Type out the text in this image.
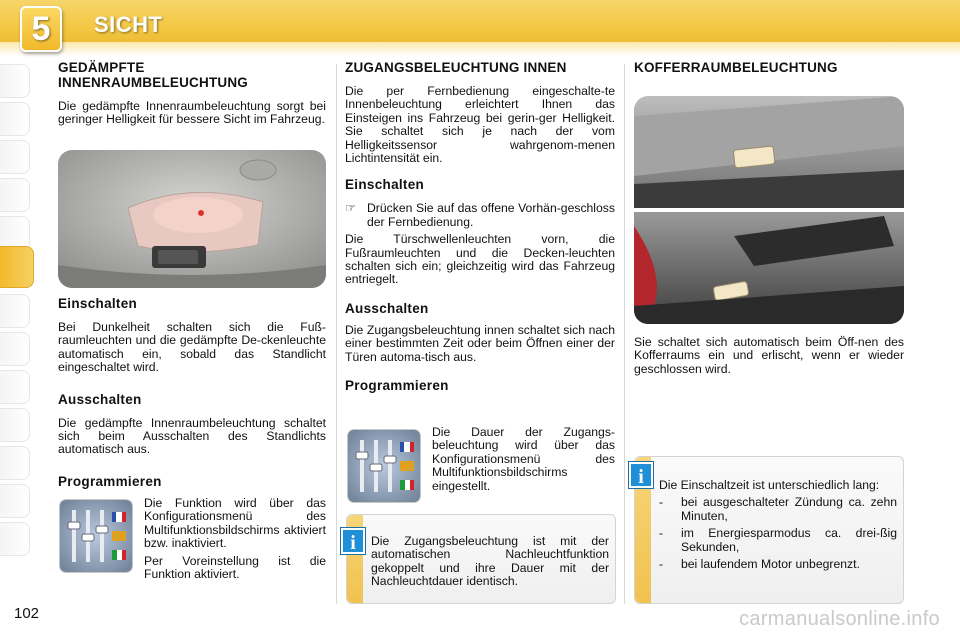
5	SICHT
GEDÄMPFTE INNENRAUMBELEUCHTUNG
Die gedämpfte Innenraumbeleuchtung sorgt bei geringer Helligkeit für bessere Sicht im Fahrzeug.
Einschalten
Bei Dunkelheit schalten sich die Fuß-raumleuchten und die gedämpfte De-ckenleuchte automatisch ein, sobald das Standlicht eingeschaltet wird.
Ausschalten
Die gedämpfte Innenraumbeleuchtung schaltet sich beim Ausschalten des Standlichts automatisch aus.
Programmieren
Die Funktion wird über das Konfigurationsmenü des Multifunktionsbildschirms aktiviert bzw. inaktiviert.
Per Voreinstellung ist die Funktion aktiviert.
ZUGANGSBELEUCHTUNG INNEN
Die per Fernbedienung eingeschalte-te Innenbeleuchtung erleichtert Ihnen das Einsteigen ins Fahrzeug bei gerin-ger Helligkeit. Sie schaltet sich je nach der vom Helligkeitssensor wahrgenom-menen Lichtintensität ein.
Einschalten
☞ Drücken Sie auf das offene Vorhän-geschloss der Fernbedienung.
Die Türschwellenleuchten vorn, die Fußraumleuchten und die Decken-leuchten schalten sich ein; gleichzeitig wird das Fahrzeug entriegelt.
Ausschalten
Die Zugangsbeleuchtung innen schaltet sich nach einer bestimmten Zeit oder beim Öffnen einer der Türen automa-tisch aus.
Programmieren
Die Dauer der Zugangs-beleuchtung wird über das Konfigurationsmenü des Multifunktionsbildschirms eingestellt.
Die Zugangsbeleuchtung ist mit der automatischen Nachleuchtfunktion gekoppelt und ihre Dauer mit der Nachleuchtdauer identisch.
i
KOFFERRAUMBELEUCHTUNG
Sie schaltet sich automatisch beim Öff-nen des Kofferraums ein und erlischt, wenn er wieder geschlossen wird.
Die Einschaltzeit ist unterschiedlich lang:
-	bei ausgeschalteter Zündung ca. zehn Minuten,
-	im Energiesparmodus ca. drei-ßig Sekunden,
-	bei laufendem Motor unbegrenzt.
i
102	carmanualsonline.info
